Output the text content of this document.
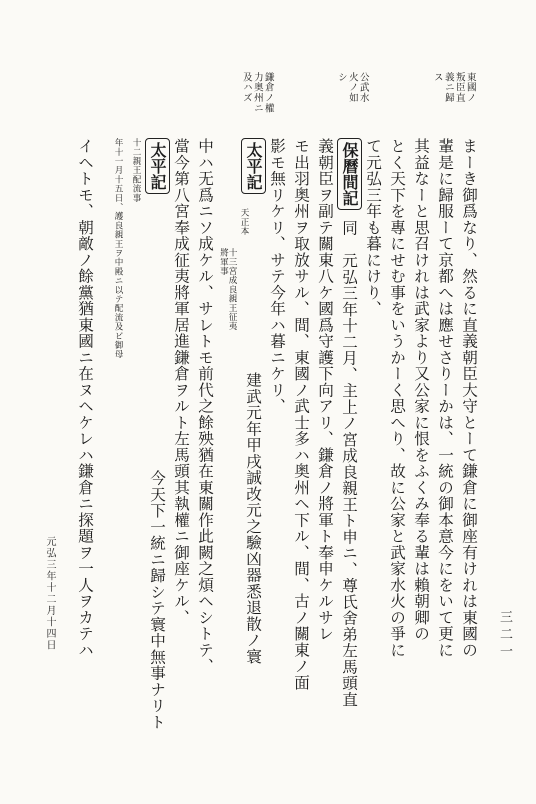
三二一
元弘三年十二月十四日
東國ノ叛臣直義ニ歸ス
公武水火ノ如シ
鎌倉ノ權力奥州ニ及ハズ
まーき御爲なり、然るに直義朝臣大守とーて鎌倉に御座有けれは東國の
輩是に歸服ーて京都へは應せさりーかは、一統の御本意今にをいて更に
其益なーと思召けれは武家より又公家に恨をふくみ奉る輩は賴朝卿の
とく天下を專にせむ事をいうかーく思へり、故に公家と武家水火の爭に
て元弘三年も暮にけり、
保曆間記
同　元弘三年十二月、主上ノ宮成良親王ト申ニ、尊氏舍弟左馬頭直
義朝臣ヲ副テ關東八ケ國爲守護下向アリ、鎌倉ノ將軍ト奉申ケルサレ
モ出羽奥州ヲ取放サル、間、東國ノ武士多ハ奥州ヘ下ル、間、古ノ關東ノ面
影モ無リケリ、サテ今年ハ暮ニケリ、
太平記
天正本
十三宮成良親王征夷將軍事
建武元年甲戌誠改元之驗凶器悉退散ノ寰
中ハ无爲ニソ成ケル、サレトモ前代之餘殃猶在東關作此闕之煩ヘシトテ、
當今第八宮奉成征夷將軍居進鎌倉ヲルト左馬頭其執權ニ御座ケル、
太平記
十二親王配流事
年十一月十五日、護良親王ヲ中殿ニ以テ配流及ビ御母
今天下一統ニ歸シテ寰中無事ナリト
イヘトモ、朝敵ノ餘黨猶東國ニ在ヌヘケレハ鎌倉ニ探題ヲ一人ヲカテハ
